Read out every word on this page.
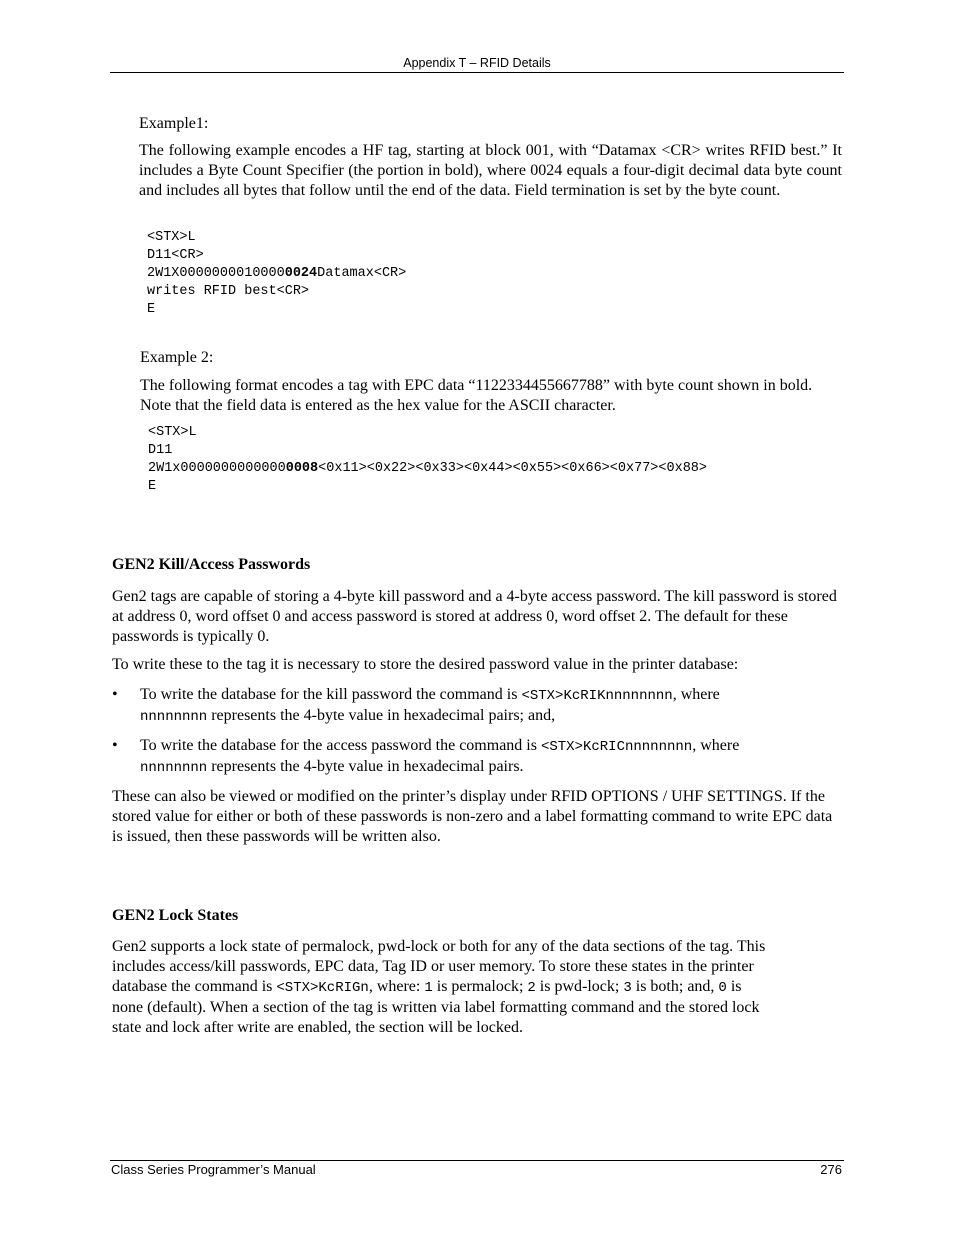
Appendix T – RFID Details

Example1:

The following example encodes a HF tag, starting at block 001, with “Datamax <CR> writes RFID best.” It includes a Byte Count Specifier (the portion in bold), where 0024 equals a four-digit decimal data byte count and includes all bytes that follow until the end of the data. Field termination is set by the byte count.

<STX>L
D11<CR>
2W1X00000000100000024Datamax<CR>
writes RFID best<CR>
E

Example 2:

The following format encodes a tag with EPC data “1122334455667788” with byte count shown in bold. Note that the field data is entered as the hex value for the ASCII character.

<STX>L
D11
2W1x00000000000000008<0x11><0x22><0x33><0x44><0x55><0x66><0x77><0x88>
E
GEN2 Kill/Access Passwords

Gen2 tags are capable of storing a 4-byte kill password and a 4-byte access password. The kill password is stored at address 0, word offset 0 and access password is stored at address 0, word offset 2. The default for these passwords is typically 0.

To write these to the tag it is necessary to store the desired password value in the printer database:

• To write the database for the kill password the command is <STX>KcRIKnnnnnnnn, where
nnnnnnnn represents the 4-byte value in hexadecimal pairs; and,

• To write the database for the access password the command is <STX>KcRICnnnnnnnn, where
nnnnnnnn represents the 4-byte value in hexadecimal pairs.

These can also be viewed or modified on the printer’s display under RFID OPTIONS / UHF SETTINGS. If the stored value for either or both of these passwords is non-zero and a label formatting command to write EPC data is issued, then these passwords will be written also.

GEN2 Lock States

Gen2 supports a lock state of permalock, pwd-lock or both for any of the data sections of the tag. This
includes access/kill passwords, EPC data, Tag ID or user memory. To store these states in the printer
database the command is <STX>KcRIGn, where: 1 is permalock; 2 is pwd-lock; 3 is both; and, 0 is
none (default). When a section of the tag is written via label formatting command and the stored lock
state and lock after write are enabled, the section will be locked.

Class Series Programmer’s Manual	276
